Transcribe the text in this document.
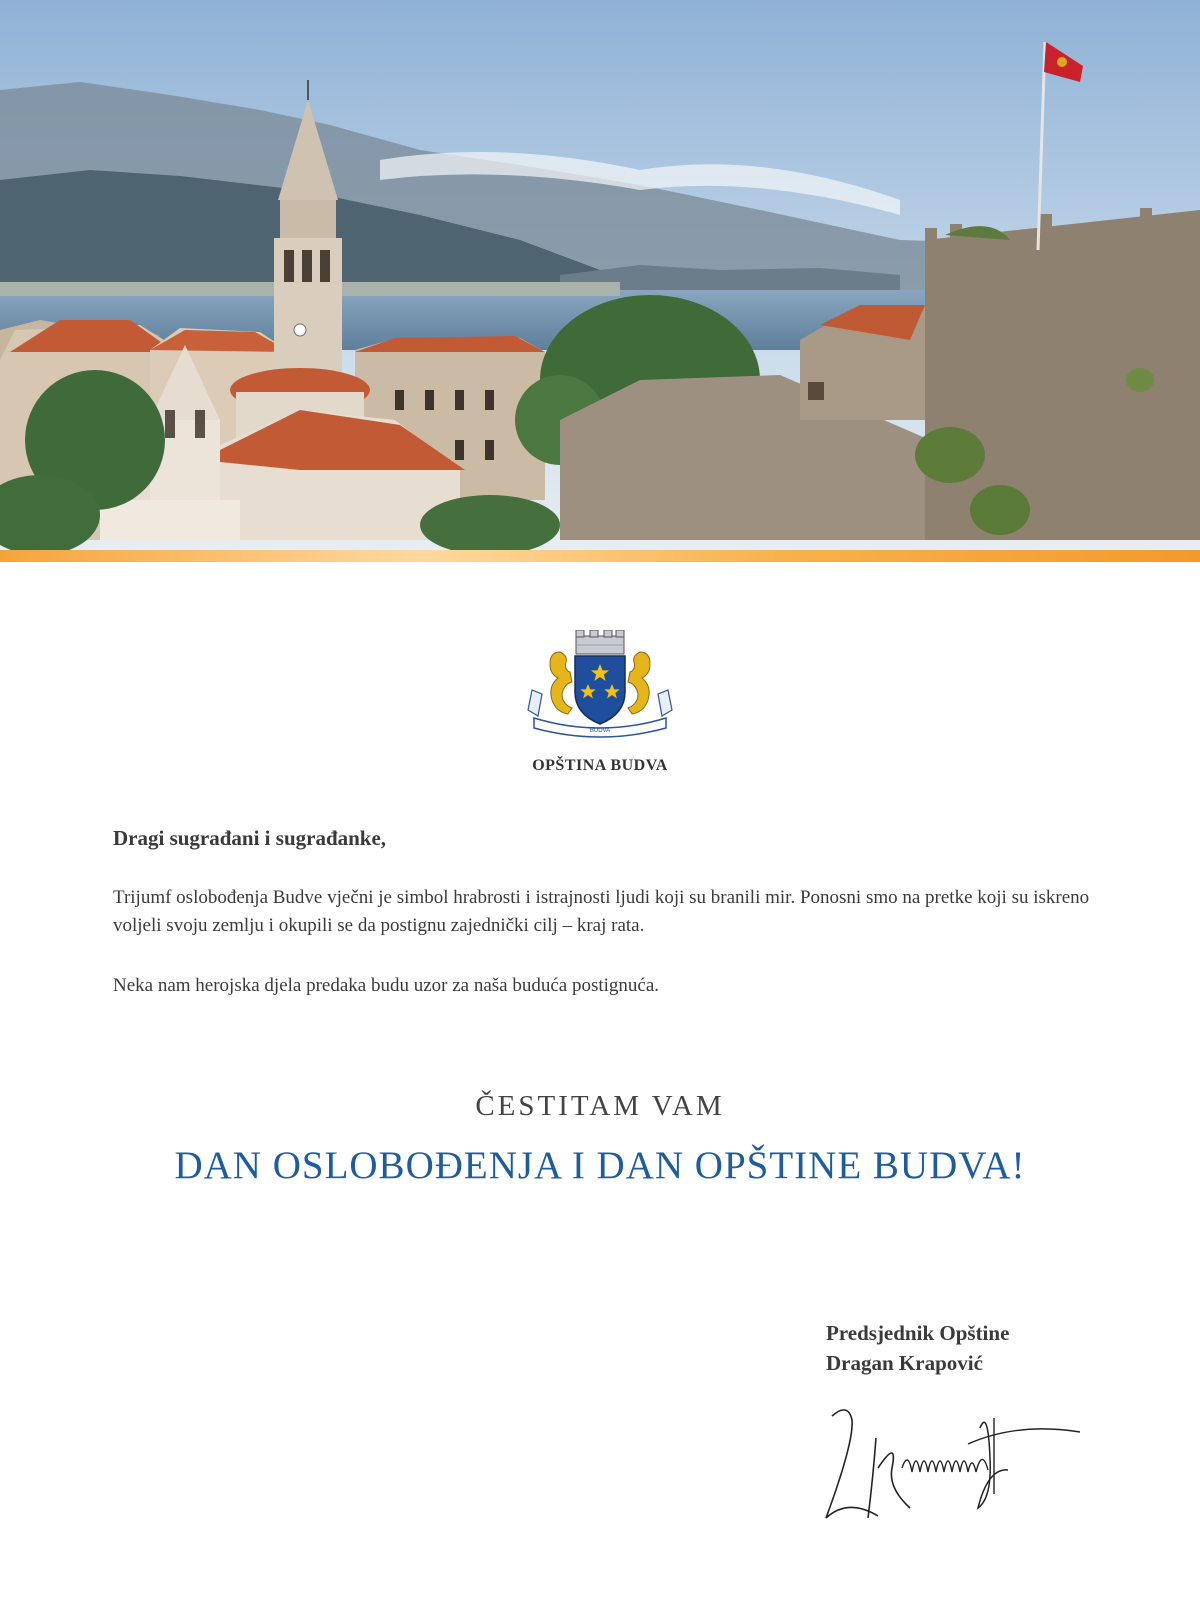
BUDVA
OPŠTINA BUDVA
Dragi sugrađani i sugrađanke,
Trijumf oslobođenja Budve vječni je simbol hrabrosti i istrajnosti ljudi koji su branili mir. Ponosni smo na pretke koji su iskreno voljeli svoju zemlju i okupili se da postignu zajednički cilj – kraj rata.
Neka nam herojska djela predaka budu uzor za naša buduća postignuća.
ČESTITAM VAM
DAN OSLOBOĐENJA I DAN OPŠTINE BUDVA!
Predsjednik Opštine
Dragan Krapović
